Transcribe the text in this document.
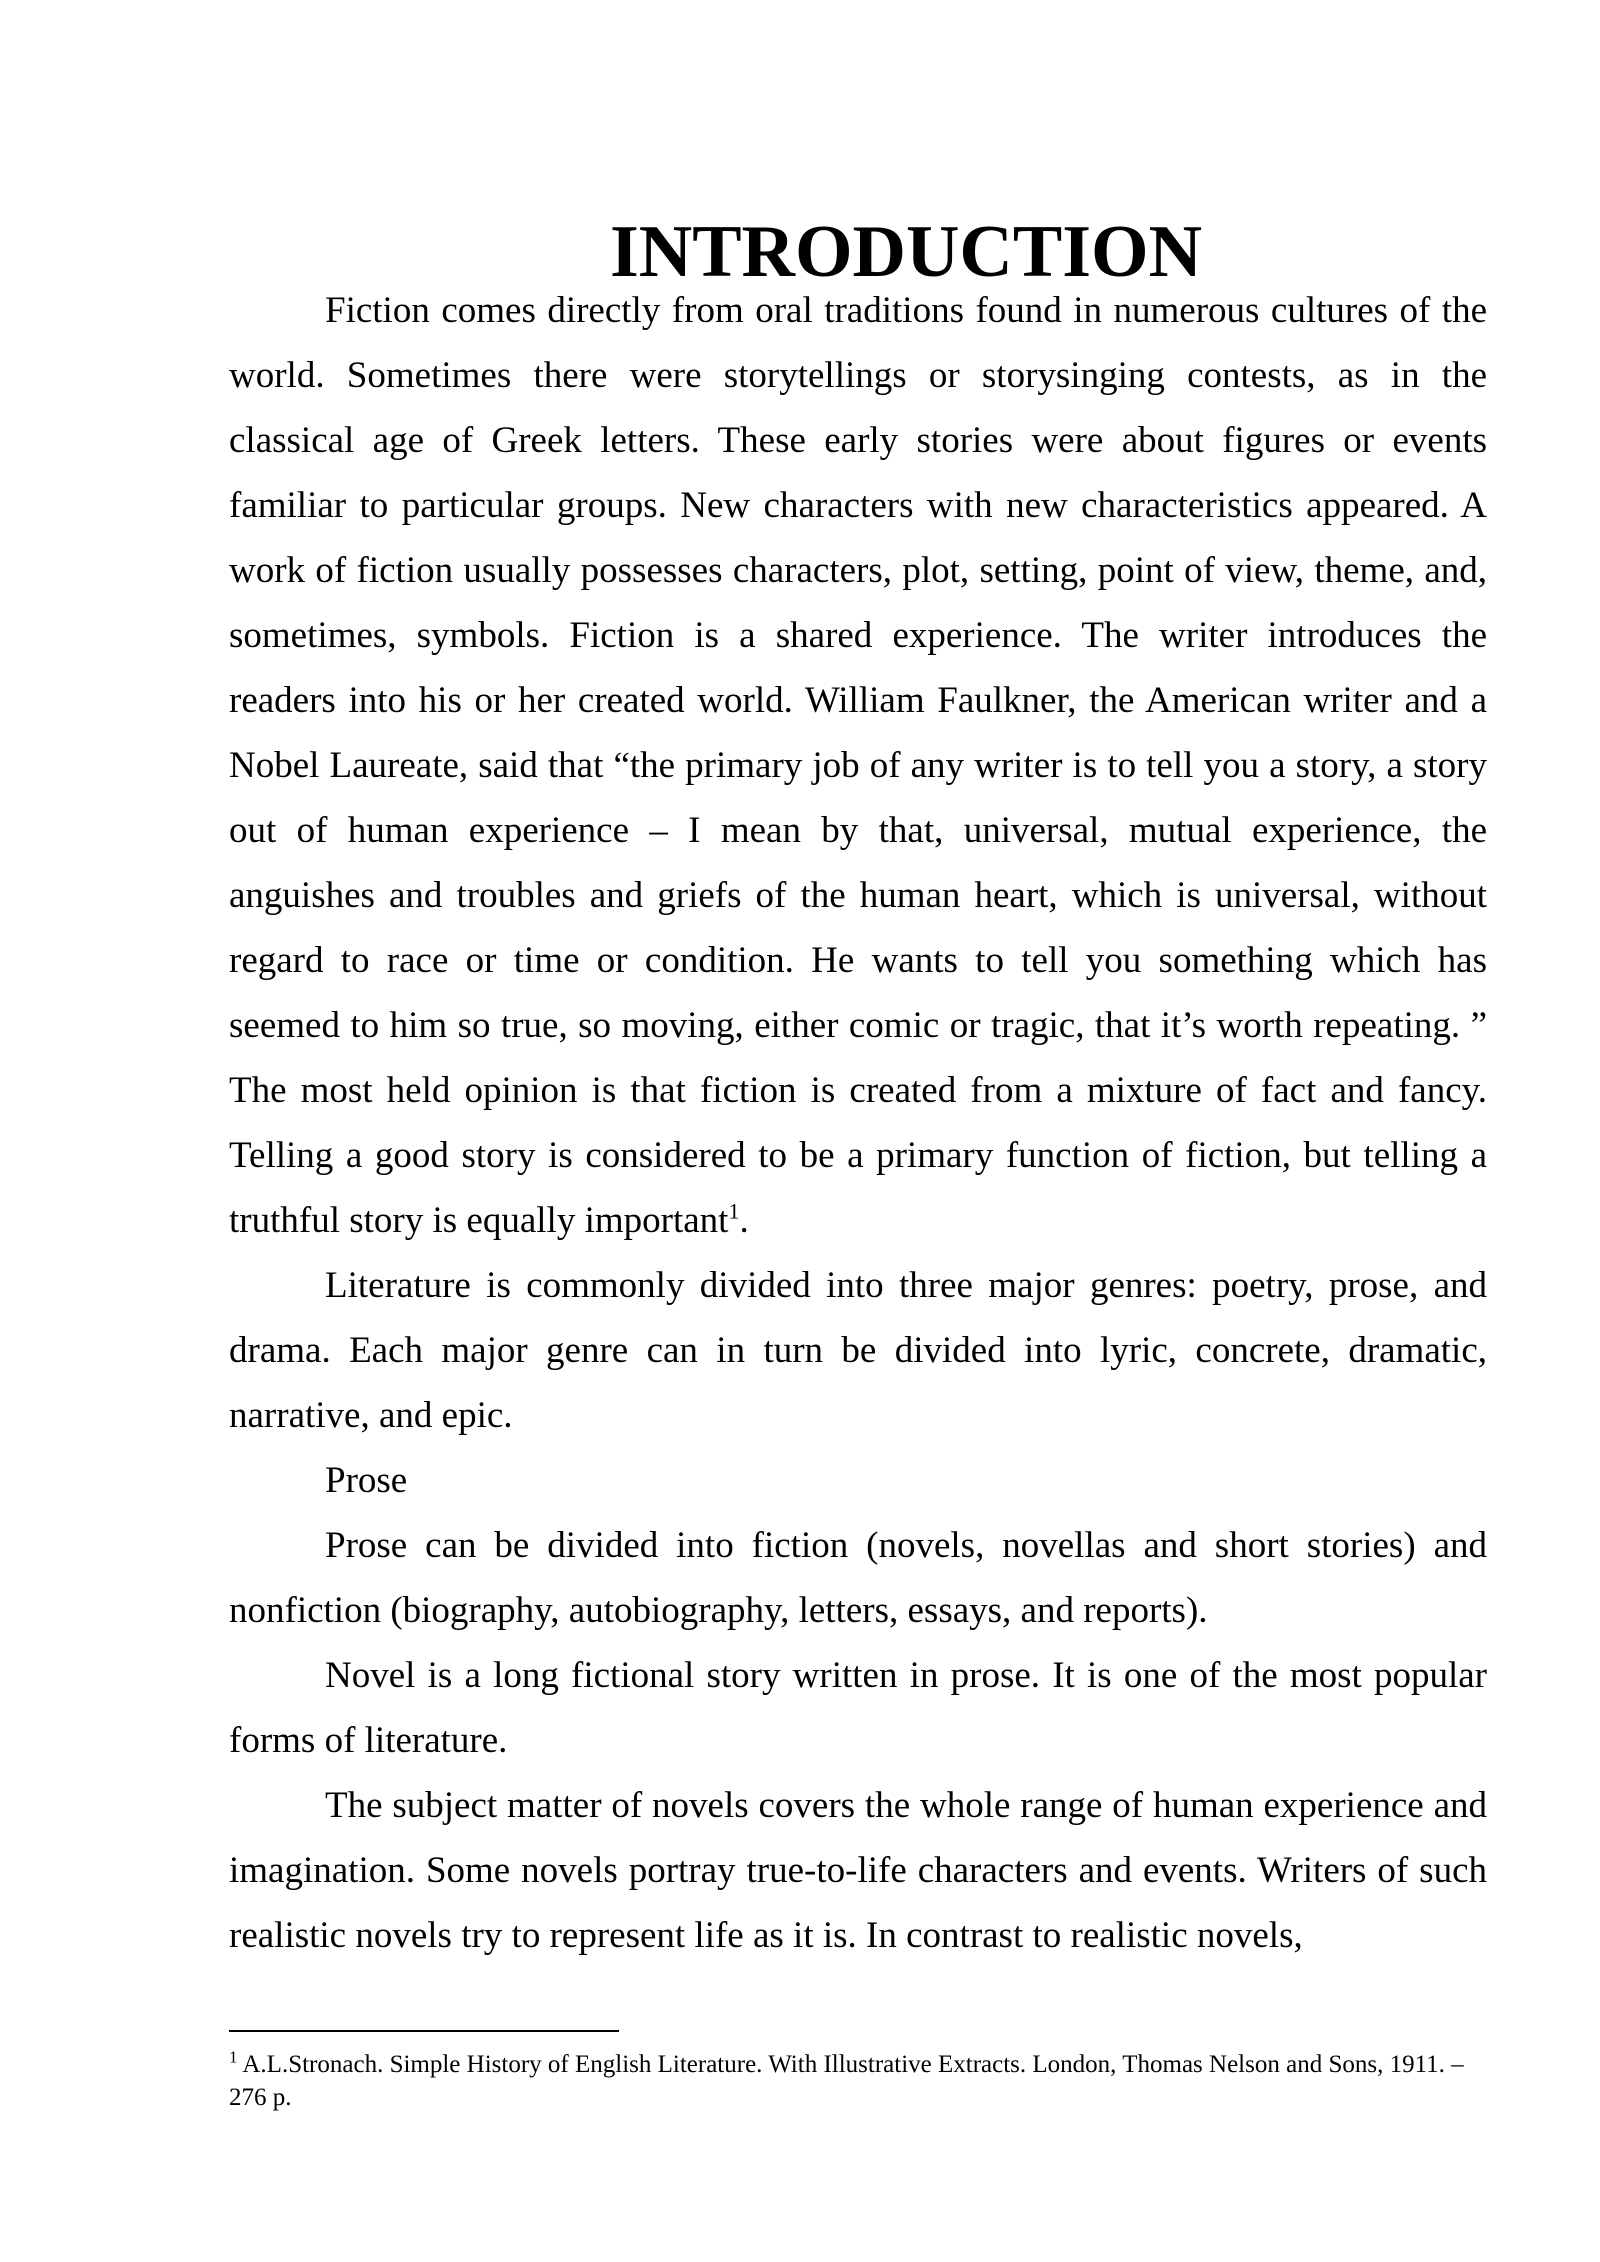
INTRODUCTION

Fiction comes directly from oral traditions found in numerous cultures of the world. Sometimes there were storytellings or storysinging contests, as in the classical age of Greek letters. These early stories were about figures or events familiar to particular groups. New characters with new characteristics appeared. A work of fiction usually possesses characters, plot, setting, point of view, theme, and, sometimes, symbols. Fiction is a shared experience. The writer introduces the readers into his or her created world. William Faulkner, the American writer and a Nobel Laureate, said that “the primary job of any writer is to tell you a story, a story out of human experience – I mean by that, universal, mutual experience, the anguishes and troubles and griefs of the human heart, which is universal, without regard to race or time or condition. He wants to tell you something which has seemed to him so true, so moving, either comic or tragic, that it’s worth repeating. ” The most held opinion is that fiction is created from a mixture of fact and fancy. Telling a good story is considered to be a primary function of fiction, but telling a truthful story is equally important$^1$.

Literature is commonly divided into three major genres: poetry, prose, and drama. Each major genre can in turn be divided into lyric, concrete, dramatic, narrative, and epic.

Prose

Prose can be divided into fiction (novels, novellas and short stories) and nonfiction (biography, autobiography, letters, essays, and reports).

Novel is a long fictional story written in prose. It is one of the most popular forms of literature.

The subject matter of novels covers the whole range of human experience and imagination. Some novels portray true-to-life characters and events. Writers of such realistic novels try to represent life as it is. In contrast to realistic novels,

$^1$ A.L.Stronach. Simple History of English Literature. With Illustrative Extracts. London, Thomas Nelson and Sons, 1911. – 276 p.
